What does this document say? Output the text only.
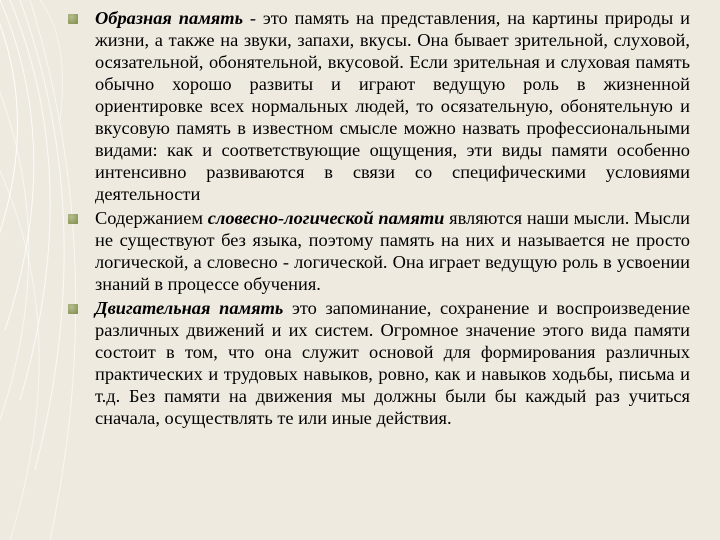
Образная память - это память на представления, на картины природы и жизни, а также на звуки, запахи, вкусы. Она бывает зрительной, слуховой, осязательной, обонятельной, вкусовой. Если зрительная и слуховая память обычно хорошо развиты и играют ведущую роль в жизненной ориентировке всех нормальных людей, то осязательную, обонятельную и вкусовую память в известном смысле можно назвать профессиональными видами: как и соответствующие ощущения, эти виды памяти особенно интенсивно развиваются в связи со специфическими условиями деятельности

Содержанием словесно-логической памяти являются наши мысли. Мысли не существуют без языка, поэтому память на них и называется не просто логической, а словесно - логической. Она играет ведущую роль в усвоении знаний в процессе обучения.

Двигательная память это запоминание, сохранение и воспроизведение различных движений и их систем. Огромное значение этого вида памяти состоит в том, что она служит основой для формирования различных практических и трудовых навыков, ровно, как и навыков ходьбы, письма и т.д. Без памяти на движения мы должны были бы каждый раз учиться сначала, осуществлять те или иные действия.
